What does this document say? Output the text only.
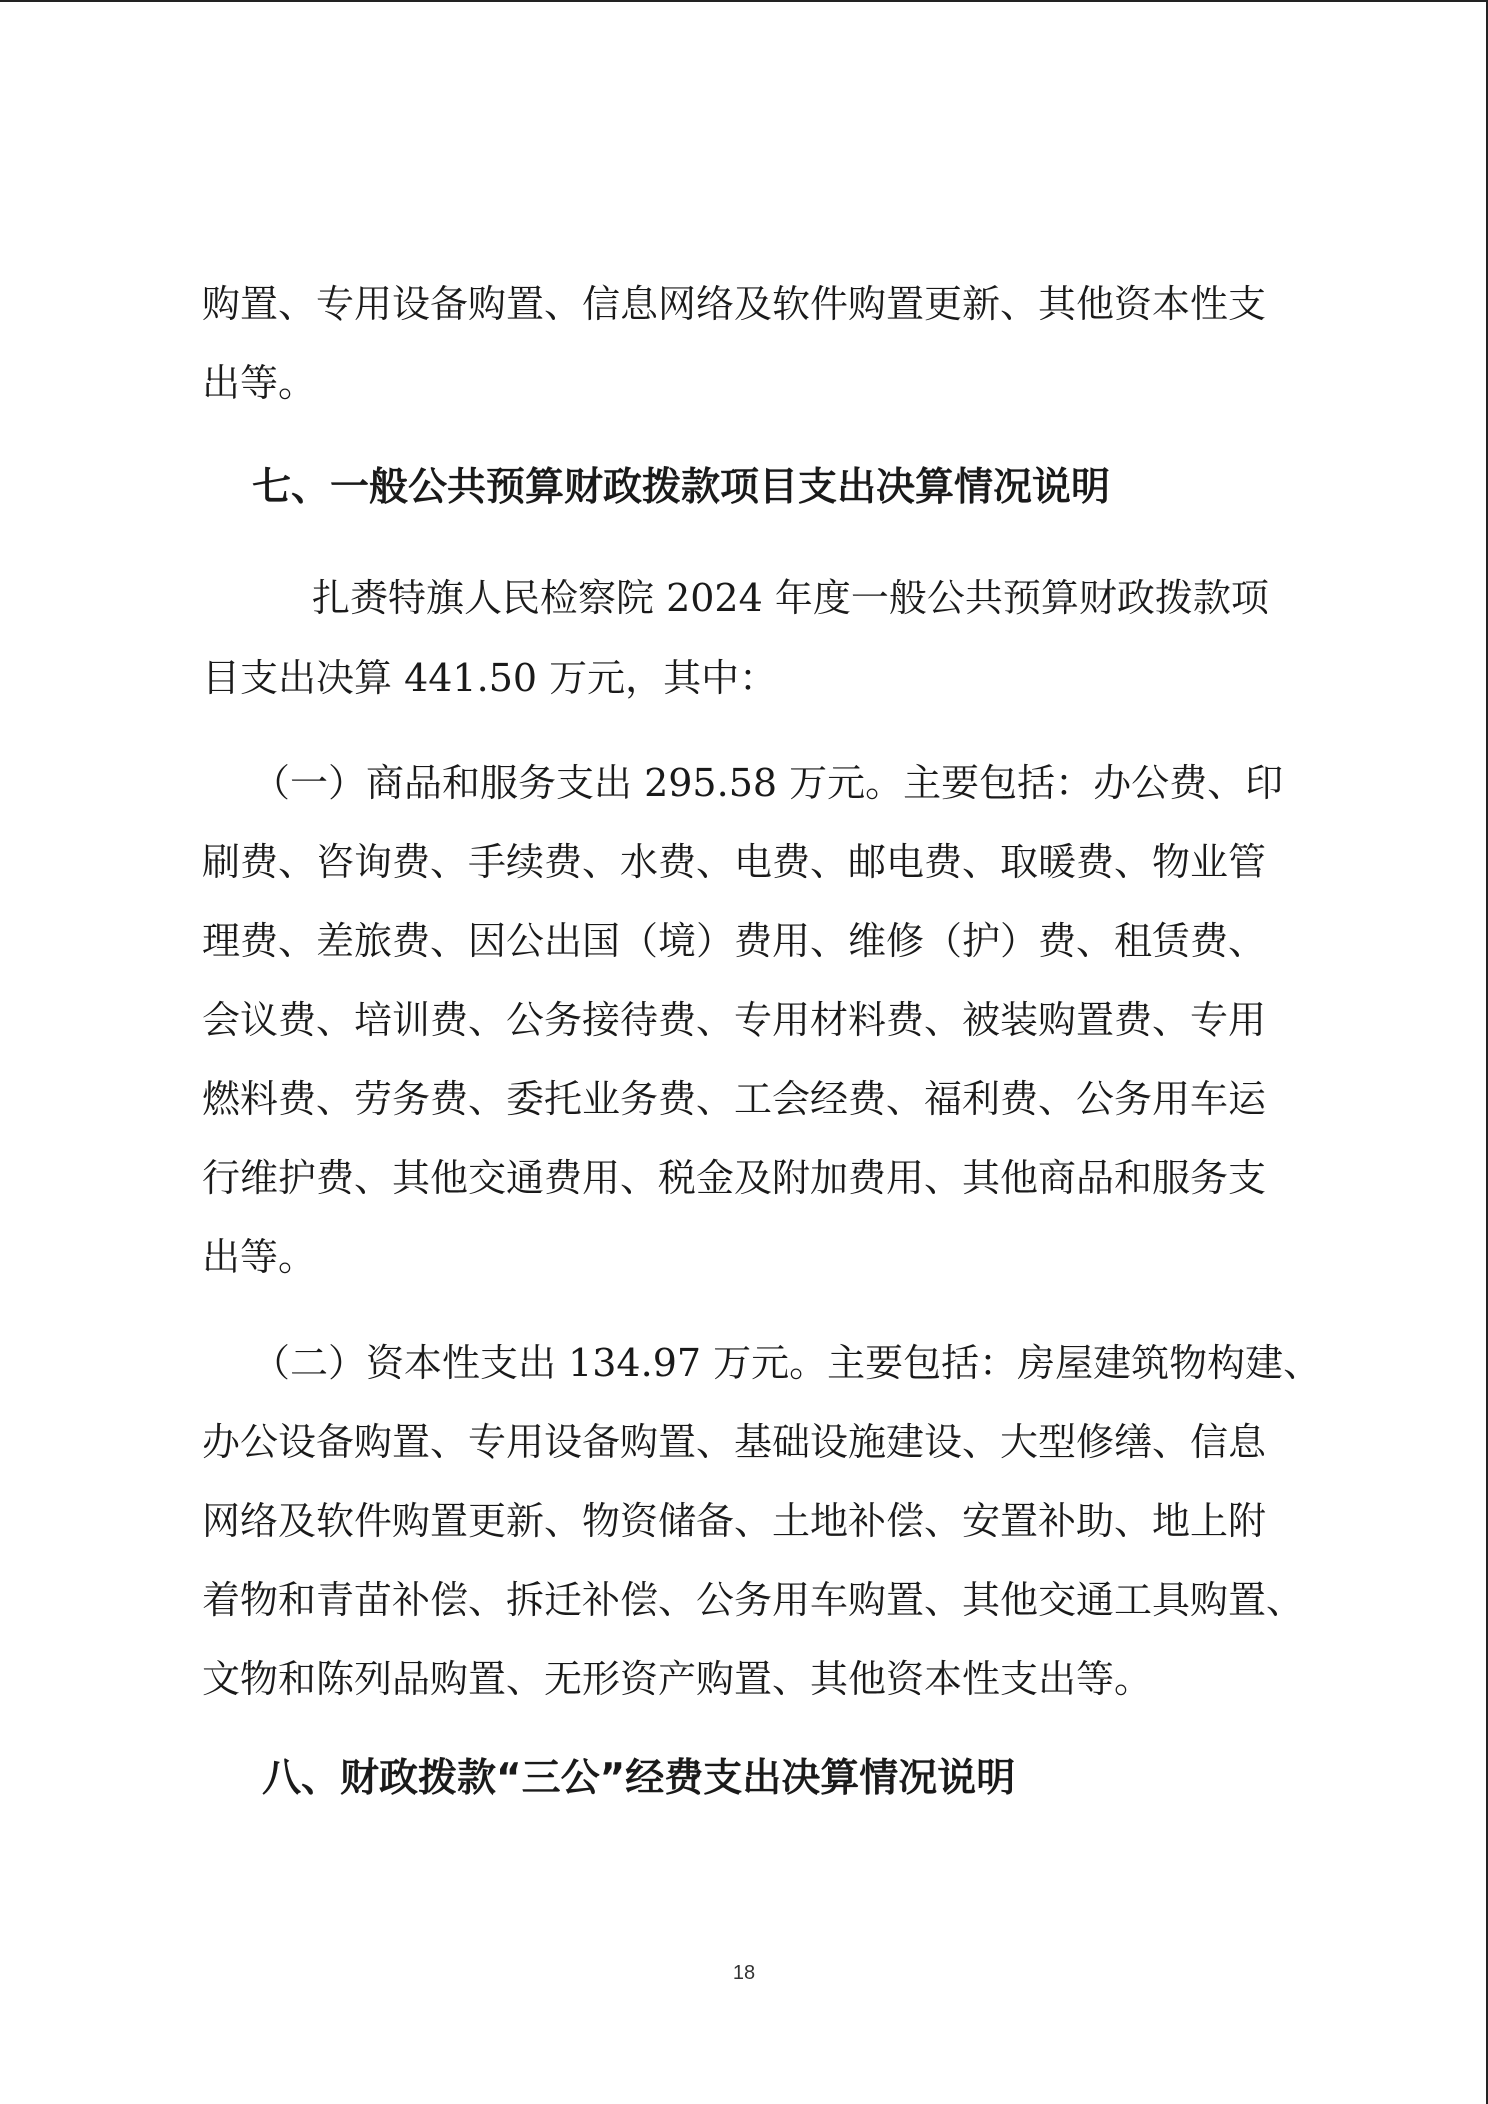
购置、专用设备购置、信息网络及软件购置更新、其他资本性支
出等。
七、一般公共预算财政拨款项目支出决算情况说明
扎赉特旗人民检察院 2024 年度一般公共预算财政拨款项
目支出决算 441.50 万元，其中：
（一）商品和服务支出 295.58 万元。主要包括：办公费、印
刷费、咨询费、手续费、水费、电费、邮电费、取暖费、物业管
理费、差旅费、因公出国（境）费用、维修（护）费、租赁费、
会议费、培训费、公务接待费、专用材料费、被装购置费、专用
燃料费、劳务费、委托业务费、工会经费、福利费、公务用车运
行维护费、其他交通费用、税金及附加费用、其他商品和服务支
出等。
（二）资本性支出 134.97 万元。主要包括：房屋建筑物构建、
办公设备购置、专用设备购置、基础设施建设、大型修缮、信息
网络及软件购置更新、物资储备、土地补偿、安置补助、地上附
着物和青苗补偿、拆迁补偿、公务用车购置、其他交通工具购置、
文物和陈列品购置、无形资产购置、其他资本性支出等。
八、财政拨款“三公”经费支出决算情况说明
18
